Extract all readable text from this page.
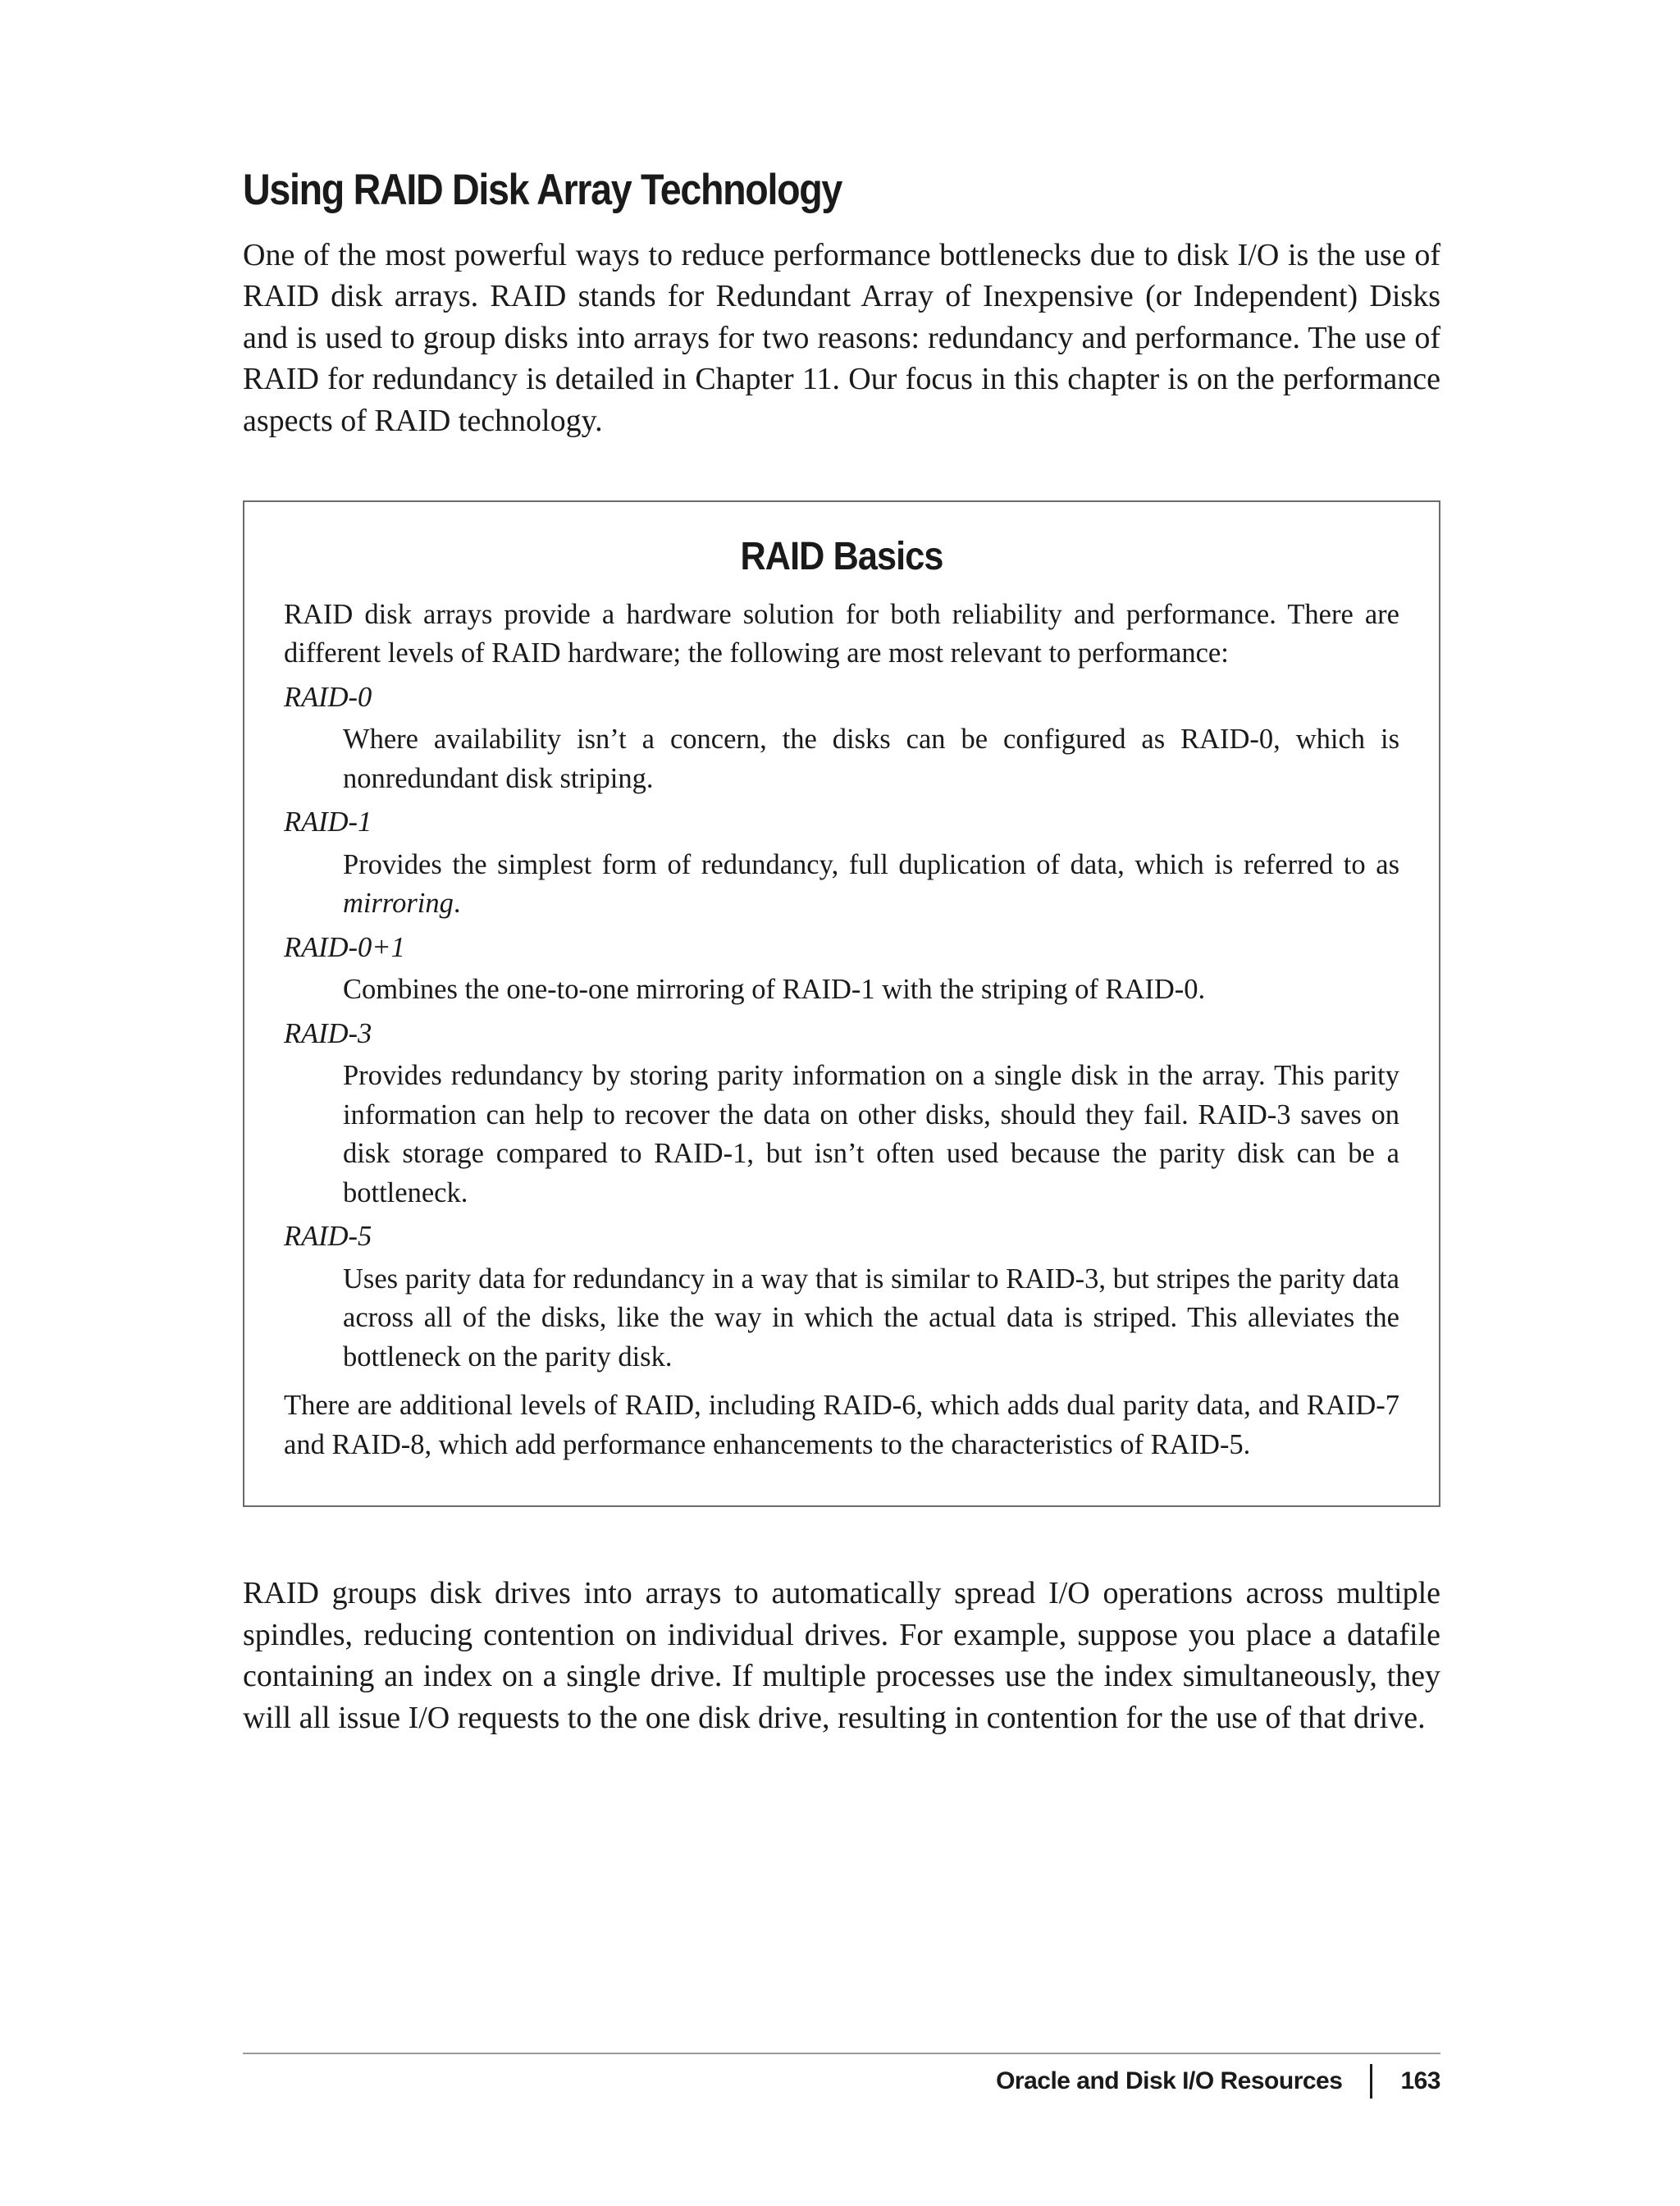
Using RAID Disk Array Technology

One of the most powerful ways to reduce performance bottlenecks due to disk I/O is the use of RAID disk arrays. RAID stands for Redundant Array of Inexpensive (or Independent) Disks and is used to group disks into arrays for two reasons: redundancy and performance. The use of RAID for redundancy is detailed in Chapter 11. Our focus in this chapter is on the performance aspects of RAID technology.

RAID Basics

RAID disk arrays provide a hardware solution for both reliability and performance. There are different levels of RAID hardware; the following are most relevant to performance:

RAID-0
Where availability isn’t a concern, the disks can be configured as RAID-0, which is nonredundant disk striping.
RAID-1
Provides the simplest form of redundancy, full duplication of data, which is referred to as mirroring.
RAID-0+1
Combines the one-to-one mirroring of RAID-1 with the striping of RAID-0.
RAID-3
Provides redundancy by storing parity information on a single disk in the array. This parity information can help to recover the data on other disks, should they fail. RAID-3 saves on disk storage compared to RAID-1, but isn’t often used because the parity disk can be a bottleneck.
RAID-5
Uses parity data for redundancy in a way that is similar to RAID-3, but stripes the parity data across all of the disks, like the way in which the actual data is striped. This alleviates the bottleneck on the parity disk.

There are additional levels of RAID, including RAID-6, which adds dual parity data, and RAID-7 and RAID-8, which add performance enhancements to the characteristics of RAID-5.

RAID groups disk drives into arrays to automatically spread I/O operations across multiple spindles, reducing contention on individual drives. For example, suppose you place a datafile containing an index on a single drive. If multiple processes use the index simultaneously, they will all issue I/O requests to the one disk drive, resulting in contention for the use of that drive.

Oracle and Disk I/O Resources 163
